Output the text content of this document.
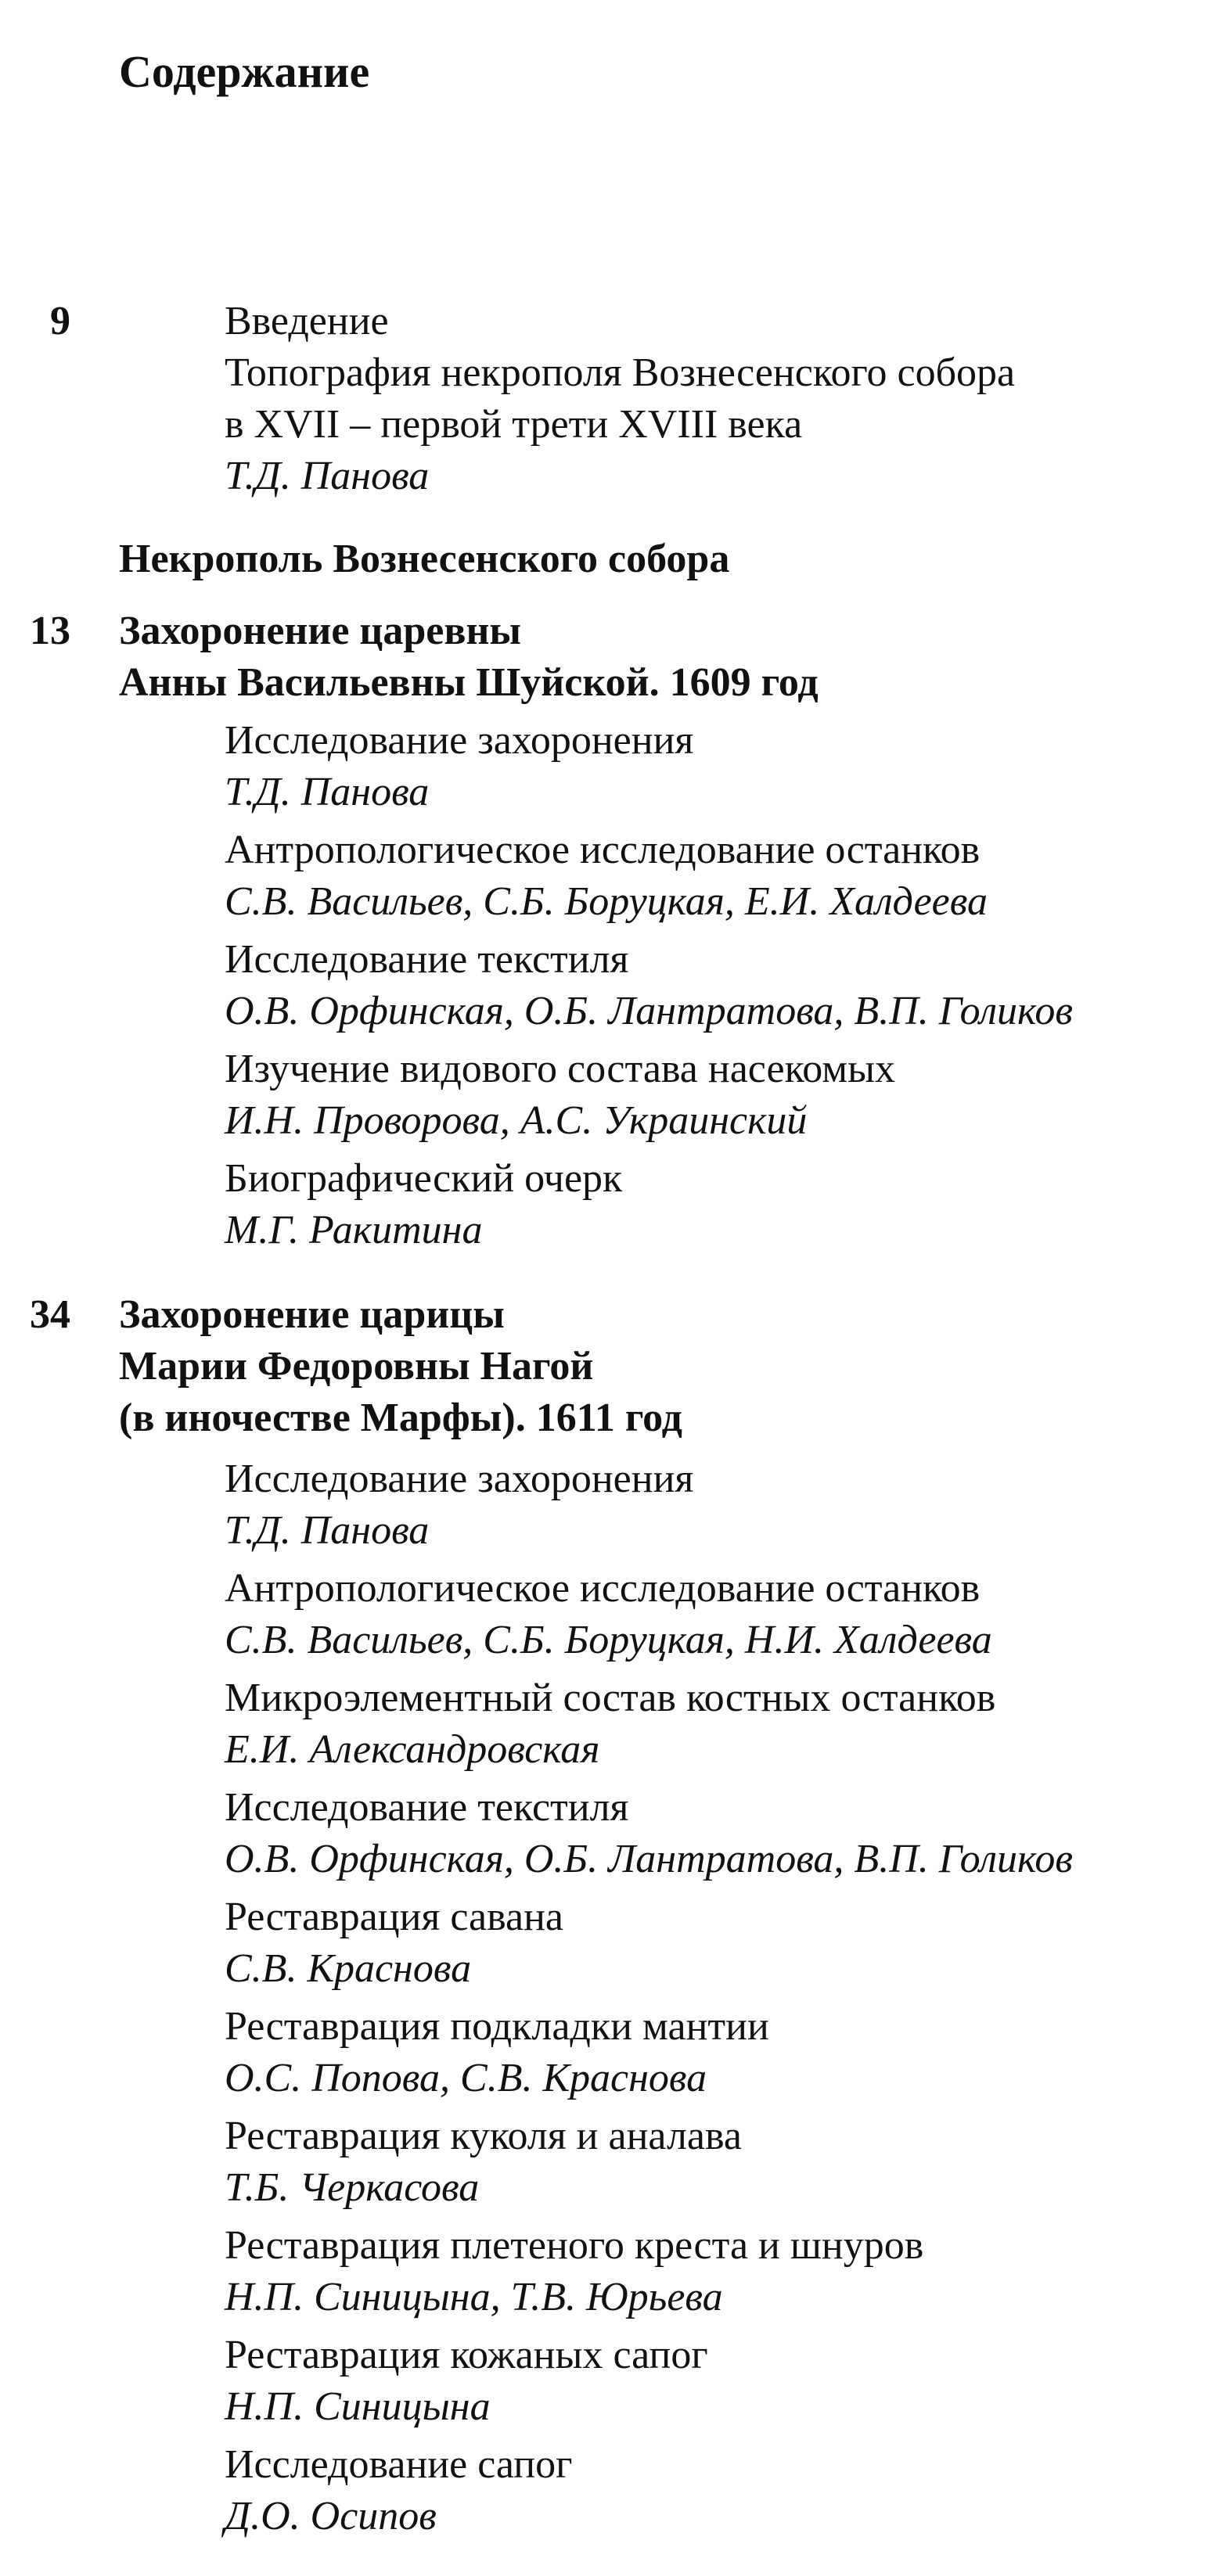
Содержание
9	Введение
Топография некрополя Вознесенского собора
в XVII – первой трети XVIII века
Т.Д. Панова
Некрополь Вознесенского собора
13 Захоронение царевны
Анны Васильевны Шуйской. 1609 год
Исследование захоронения
Т.Д. Панова
Антропологическое исследование останков
С.В. Васильев, С.Б. Боруцкая, Е.И. Халдеева
Исследование текстиля
О.В. Орфинская, О.Б. Лантратова, В.П. Голиков
Изучение видового состава насекомых
И.Н. Проворова, А.С. Украинский
Биографический очерк
М.Г. Ракитина
34 Захоронение царицы
Марии Федоровны Нагой
(в иночестве Марфы). 1611 год
Исследование захоронения
Т.Д. Панова
Антропологическое исследование останков
С.В. Васильев, С.Б. Боруцкая, Н.И. Халдеева
Микроэлементный состав костных останков
Е.И. Александровская
Исследование текстиля
О.В. Орфинская, О.Б. Лантратова, В.П. Голиков
Реставрация савана
С.В. Краснова
Реставрация подкладки мантии
О.С. Попова, С.В. Краснова
Реставрация куколя и аналава
Т.Б. Черкасова
Реставрация плетеного креста и шнуров
Н.П. Синицына, Т.В. Юрьева
Реставрация кожаных сапог
Н.П. Синицына
Исследование сапог
Д.О. Осипов
